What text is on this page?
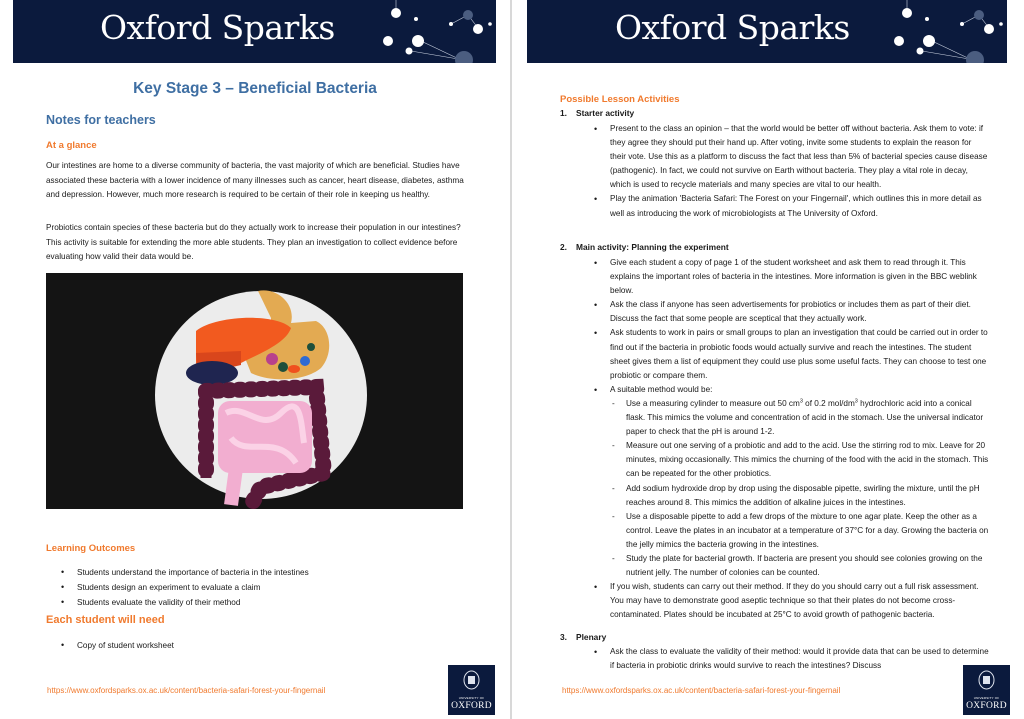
Oxford Sparks
Key Stage 3 – Beneficial Bacteria
Notes for teachers
At a glance
Our intestines are home to a diverse community of bacteria, the vast majority of which are beneficial. Studies have associated these bacteria with a lower incidence of many illnesses such as cancer, heart disease, diabetes, asthma and depression. However, much more research is required to be certain of their role in keeping us healthy.
Probiotics contain species of these bacteria but do they actually work to increase their population in our intestines? This activity is suitable for extending the more able students. They plan an investigation to collect evidence before evaluating how valid their data would be.
Learning Outcomes
• Students understand the importance of bacteria in the intestines
• Students design an experiment to evaluate a claim
• Students evaluate the validity of their method
Each student will need
• Copy of student worksheet
https://www.oxfordsparks.ox.ac.uk/content/bacteria-safari-forest-your-fingernail
UNIVERSITY OF
OXFORD
Oxford Sparks
Possible Lesson Activities
1. Starter activity
• Present to the class an opinion – that the world would be better off without bacteria. Ask them to vote: if they agree they should put their hand up. After voting, invite some students to explain the reason for their vote. Use this as a platform to discuss the fact that less than 5% of bacterial species cause disease (pathogenic). In fact, we could not survive on Earth without bacteria. They play a vital role in decay, which is used to recycle materials and many species are vital to our health.
• Play the animation 'Bacteria Safari: The Forest on your Fingernail', which outlines this in more detail as well as introducing the work of microbiologists at The University of Oxford.
2. Main activity: Planning the experiment
• Give each student a copy of page 1 of the student worksheet and ask them to read through it. This explains the important roles of bacteria in the intestines. More information is given in the BBC weblink below.
• Ask the class if anyone has seen advertisements for probiotics or includes them as part of their diet. Discuss the fact that some people are sceptical that they actually work.
• Ask students to work in pairs or small groups to plan an investigation that could be carried out in order to find out if the bacteria in probiotic foods would actually survive and reach the intestines. The student sheet gives them a list of equipment they could use plus some useful facts. They can choose to test one probiotic or compare them.
• A suitable method would be:
- Use a measuring cylinder to measure out 50 $cm^3$ of 0.2 mol/$dm^3$ hydrochloric acid into a conical flask. This mimics the volume and concentration of acid in the stomach. Use the universal indicator paper to check that the pH is around 1-2.
- Measure out one serving of a probiotic and add to the acid. Use the stirring rod to mix. Leave for 20 minutes, mixing occasionally. This mimics the churning of the food with the acid in the stomach. This can be repeated for the other probiotics.
- Add sodium hydroxide drop by drop using the disposable pipette, swirling the mixture, until the pH reaches around 8. This mimics the addition of alkaline juices in the intestines.
- Use a disposable pipette to add a few drops of the mixture to one agar plate. Keep the other as a control. Leave the plates in an incubator at a temperature of 37°C for a day. Growing the bacteria on the jelly mimics the bacteria growing in the intestines.
- Study the plate for bacterial growth. If bacteria are present you should see colonies growing on the nutrient jelly. The number of colonies can be counted.
• If you wish, students can carry out their method. If they do you should carry out a full risk assessment. You may have to demonstrate good aseptic technique so that their plates do not become cross-contaminated. Plates should be incubated at 25°C to avoid growth of pathogenic bacteria.
3. Plenary
• Ask the class to evaluate the validity of their method: would it provide data that can be used to determine if bacteria in probiotic drinks would survive to reach the intestines? Discuss
https://www.oxfordsparks.ox.ac.uk/content/bacteria-safari-forest-your-fingernail
UNIVERSITY OF
OXFORD
